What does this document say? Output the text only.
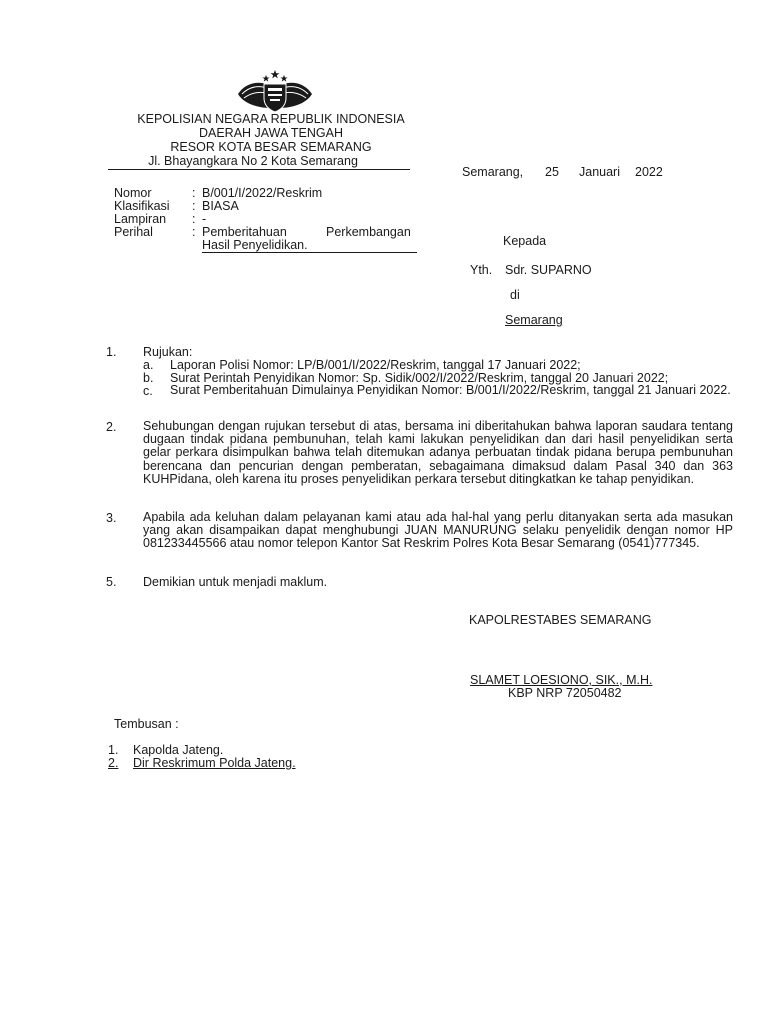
KEPOLISIAN NEGARA REPUBLIK INDONESIA
DAERAH JAWA TENGAH
RESOR KOTA BESAR SEMARANG
Jl. Bhayangkara No 2 Kota Semarang
Semarang, 25 Januari 2022
Nomor	: B/001/I/2022/Reskrim
Klasifikasi : BIASA
Lampiran : -
Perihal	: Pemberitahuan	Perkembangan
Hasil Penyelidikan.	Kepada
Yth. Sdr. SUPARNO
di
Semarang
1. Rujukan:
a. Laporan Polisi Nomor: LP/B/001/I/2022/Reskrim, tanggal 17 Januari 2022;
b. Surat Perintah Penyidikan Nomor: Sp. Sidik/002/I/2022/Reskrim, tanggal 20 Januari 2022;
c. Surat Pemberitahuan Dimulainya Penyidikan Nomor: B/001/I/2022/Reskrim, tanggal 21 Januari 2022.
2. Sehubungan dengan rujukan tersebut di atas, bersama ini diberitahukan bahwa laporan saudara tentang dugaan tindak pidana pembunuhan, telah kami lakukan penyelidikan dan dari hasil penyelidikan serta gelar perkara disimpulkan bahwa telah ditemukan adanya perbuatan tindak pidana berupa pembunuhan berencana dan pencurian dengan pemberatan, sebagaimana dimaksud dalam Pasal 340 dan 363 KUHPidana, oleh karena itu proses penyelidikan perkara tersebut ditingkatkan ke tahap penyidikan.
3. Apabila ada keluhan dalam pelayanan kami atau ada hal-hal yang perlu ditanyakan serta ada masukan yang akan disampaikan dapat menghubungi JUAN MANURUNG selaku penyelidik dengan nomor HP 081233445566 atau nomor telepon Kantor Sat Reskrim Polres Kota Besar Semarang (0541)777345.
5. Demikian untuk menjadi maklum.
KAPOLRESTABES SEMARANG
SLAMET LOESIONO, SIK., M.H.
KBP NRP 72050482
Tembusan :
1. Kapolda Jateng.
2. Dir Reskrimum Polda Jateng.
